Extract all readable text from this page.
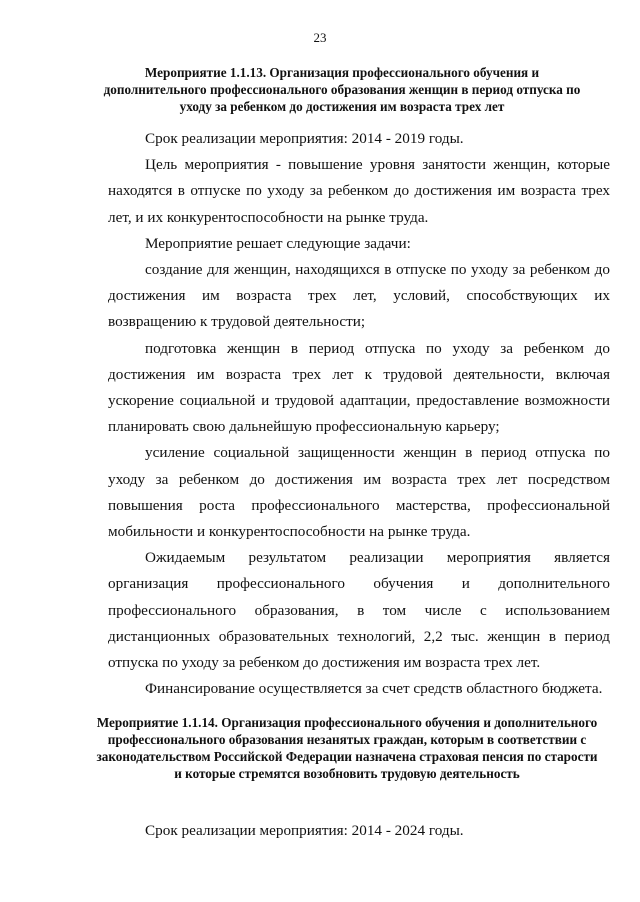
23
Мероприятие 1.1.13. Организация профессионального обучения и дополнительного профессионального образования женщин в период отпуска по уходу за ребенком до достижения им возраста трех лет

Срок реализации мероприятия: 2014 - 2019 годы.

Цель мероприятия - повышение уровня занятости женщин, которые находятся в отпуске по уходу за ребенком до достижения им возраста трех лет, и их конкурентоспособности на рынке труда.

Мероприятие решает следующие задачи:

создание для женщин, находящихся в отпуске по уходу за ребенком до достижения им возраста трех лет, условий, способствующих их возвращению к трудовой деятельности;

подготовка женщин в период отпуска по уходу за ребенком до достижения им возраста трех лет к трудовой деятельности, включая ускорение социальной и трудовой адаптации, предоставление возможности планировать свою дальнейшую профессиональную карьеру;

усиление социальной защищенности женщин в период отпуска по уходу за ребенком до достижения им возраста трех лет посредством повышения роста профессионального мастерства, профессиональной мобильности и конкурентоспособности на рынке труда.

Ожидаемым результатом реализации мероприятия является организация профессионального обучения и дополнительного профессионального образования, в том числе с использованием дистанционных образовательных технологий, 2,2 тыс. женщин в период отпуска по уходу за ребенком до достижения им возраста трех лет.

Финансирование осуществляется за счет средств областного бюджета.

Мероприятие 1.1.14. Организация профессионального обучения и дополнительного профессионального образования незанятых граждан, которым в соответствии с законодательством Российской Федерации назначена страховая пенсия по старости и которые стремятся возобновить трудовую деятельность
Срок реализации мероприятия: 2014 - 2024 годы.
